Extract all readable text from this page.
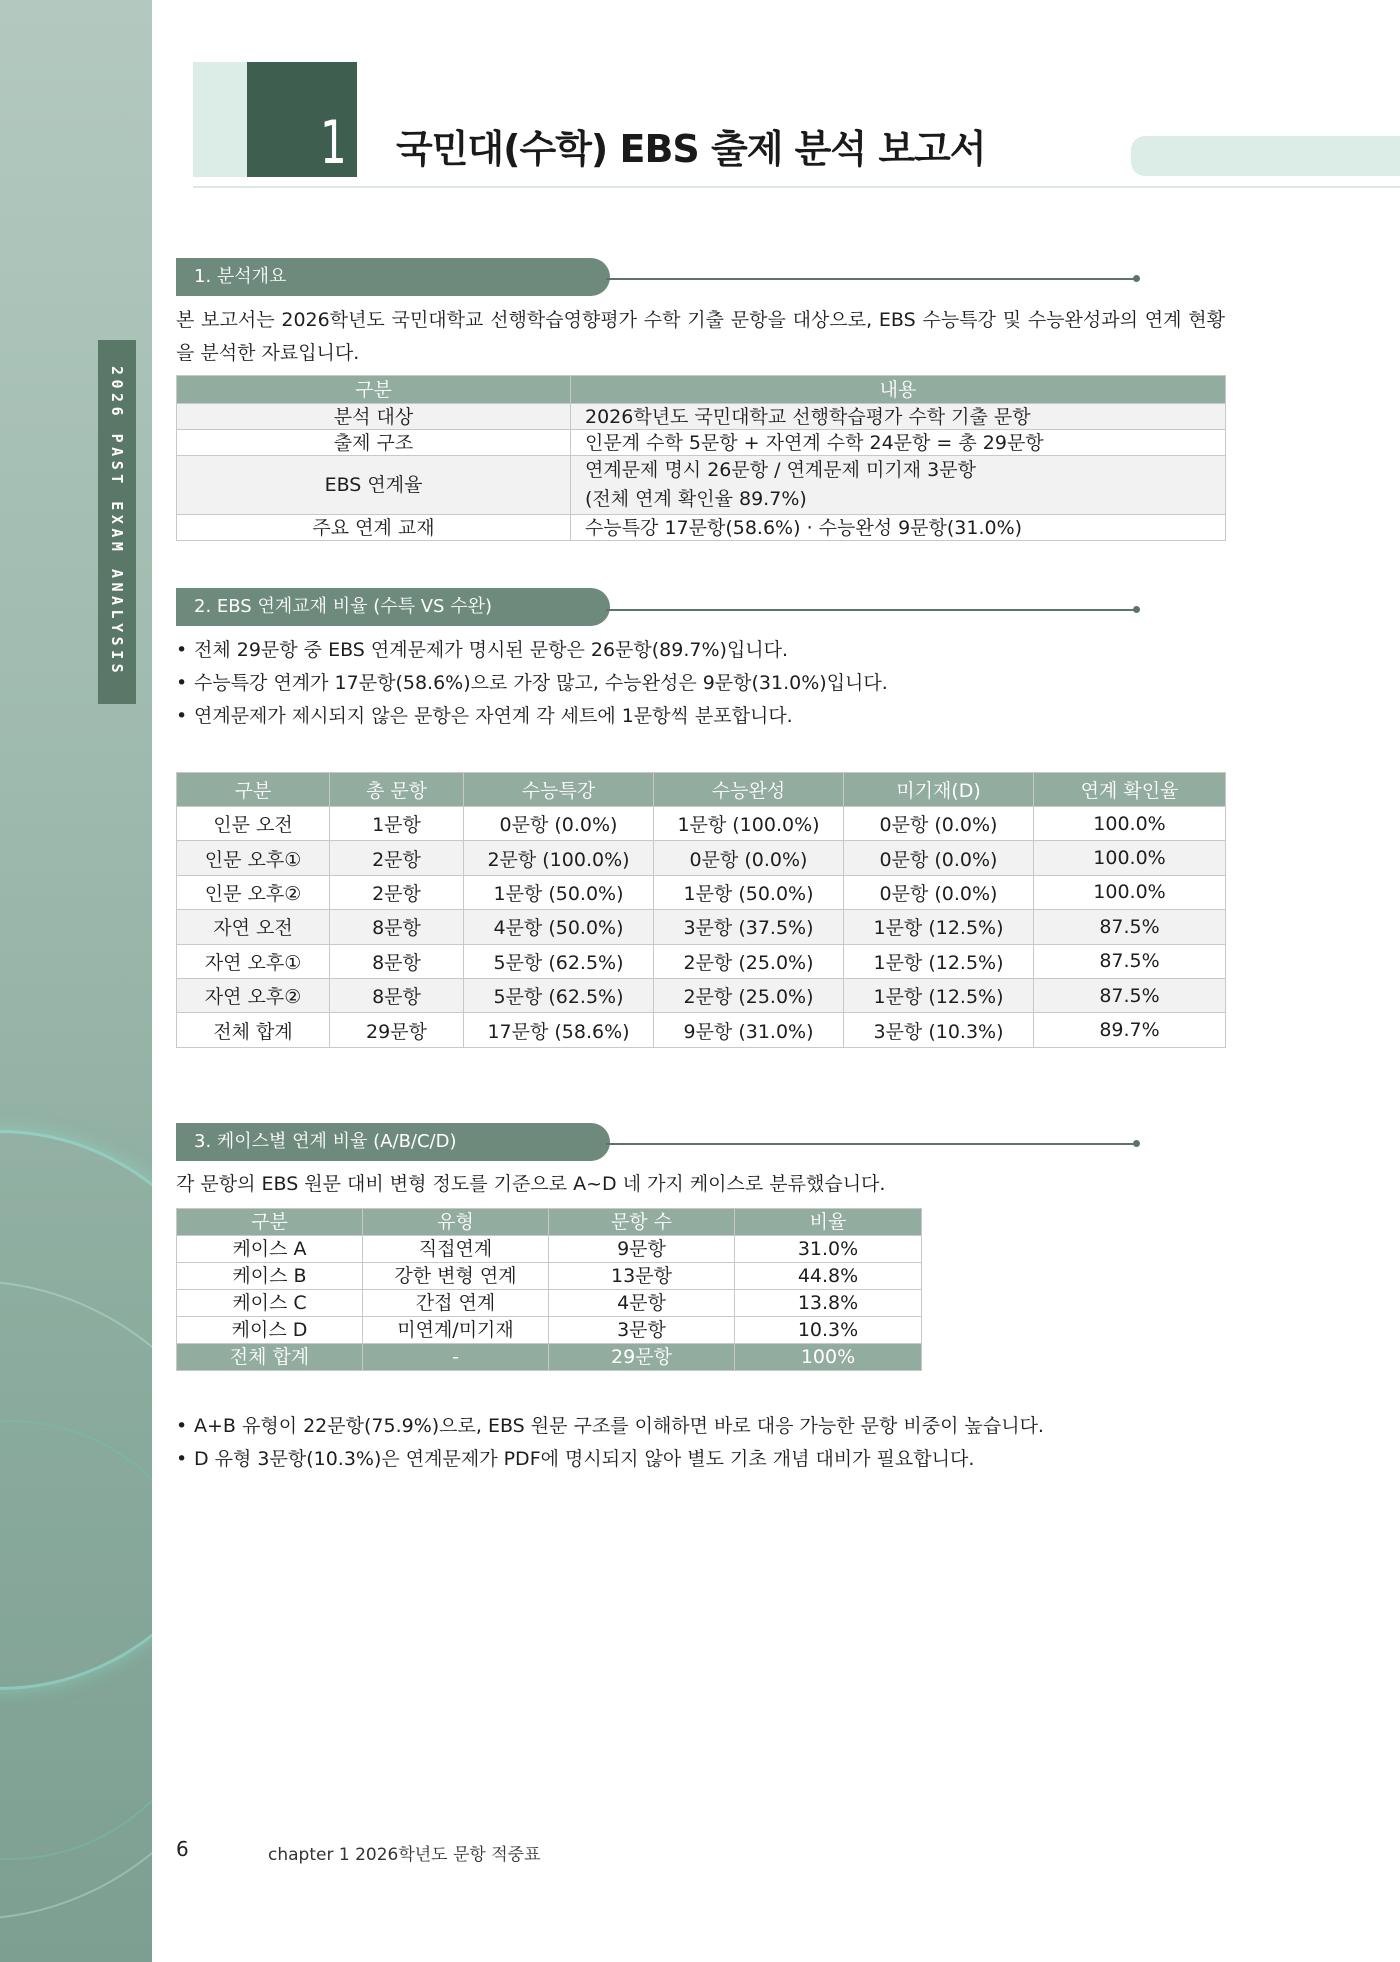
2026 PAST EXAM ANALYSIS
1 국민대(수학) EBS 출제 분석 보고서
1. 분석개요

본 보고서는 2026학년도 국민대학교 선행학습영향평가 수학 기출 문항을 대상으로, EBS 수능특강 및 수능완성과의 연계 현황을 분석한 자료입니다.

구분	내용
분석 대상	2026학년도 국민대학교 선행학습평가 수학 기출 문항
출제 구조	인문계 수학 5문항 + 자연계 수학 24문항 = 총 29문항
EBS 연계율	연계문제 명시 26문항 / 연계문제 미기재 3문항
(전체 연계 확인율 89.7%)

주요 연계 교재	수능특강 17문항(58.6%) · 수능완성 9문항(31.0%)
2. EBS 연계교재 비율 (수특 VS 수완)
• 전체 29문항 중 EBS 연계문제가 명시된 문항은 26문항(89.7%)입니다.
• 수능특강 연계가 17문항(58.6%)으로 가장 많고, 수능완성은 9문항(31.0%)입니다.
• 연계문제가 제시되지 않은 문항은 자연계 각 세트에 1문항씩 분포합니다.
구분	총 문항	수능특강	수능완성	미기재(D)	연계 확인율
인문 오전	1문항	0문항 (0.0%)	1문항 (100.0%)	0문항 (0.0%)	100.0%
인문 오후①	2문항	2문항 (100.0%)	0문항 (0.0%)	0문항 (0.0%)	100.0%
인문 오후②	2문항	1문항 (50.0%)	1문항 (50.0%)	0문항 (0.0%)	100.0%
자연 오전	8문항	4문항 (50.0%)	3문항 (37.5%)	1문항 (12.5%)	87.5%
자연 오후①	8문항	5문항 (62.5%)	2문항 (25.0%)	1문항 (12.5%)	87.5%
자연 오후②	8문항	5문항 (62.5%)	2문항 (25.0%)	1문항 (12.5%)	87.5%
전체 합계	29문항	17문항 (58.6%)	9문항 (31.0%)	3문항 (10.3%)	89.7%
3. 케이스별 연계 비율 (A/B/C/D)

각 문항의 EBS 원문 대비 변형 정도를 기준으로 A~D 네 가지 케이스로 분류했습니다.

구분	유형	문항 수	비율
케이스 A	직접연계	9문항	31.0%
케이스 B	강한 변형 연계	13문항	44.8%
케이스 C	간접 연계	4문항	13.8%
케이스 D	미연계/미기재	3문항	10.3%
전체 합계	-	29문항	100%
• A+B 유형이 22문항(75.9%)으로, EBS 원문 구조를 이해하면 바로 대응 가능한 문항 비중이 높습니다.
• D 유형 3문항(10.3%)은 연계문제가 PDF에 명시되지 않아 별도 기초 개념 대비가 필요합니다.
6	chapter 1 2026학년도 문항 적중표
